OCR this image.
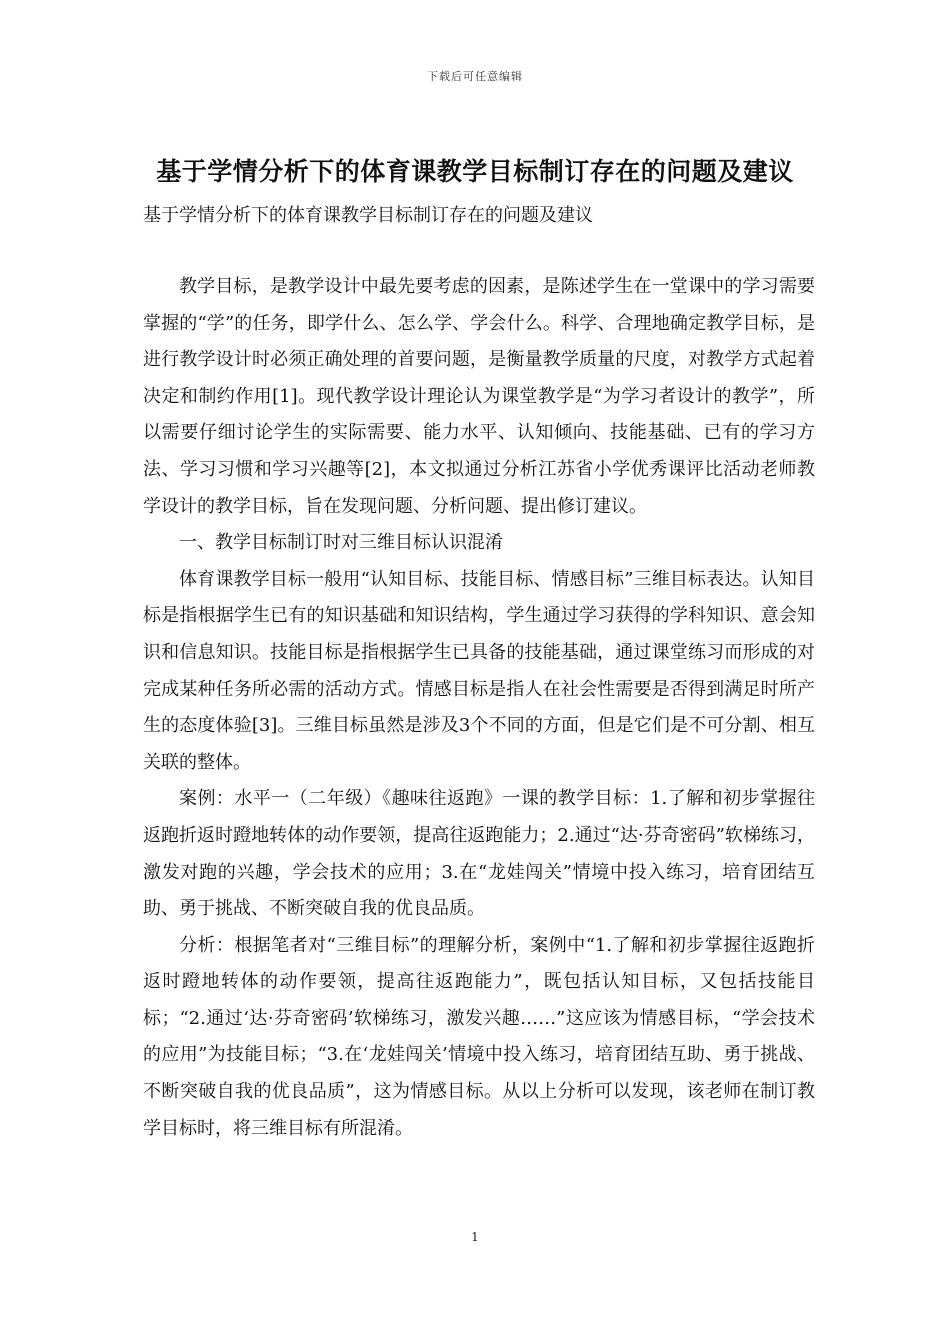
下载后可任意编辑
基于学情分析下的体育课教学目标制订存在的问题及建议
基于学情分析下的体育课教学目标制订存在的问题及建议

教学目标，是教学设计中最先要考虑的因素，是陈述学生在一堂课中的学习需要掌握的“学”的任务，即学什么、怎么学、学会什么。科学、合理地确定教学目标，是进行教学设计时必须正确处理的首要问题，是衡量教学质量的尺度，对教学方式起着决定和制约作用[1]。现代教学设计理论认为课堂教学是“为学习者设计的教学”，所以需要仔细讨论学生的实际需要、能力水平、认知倾向、技能基础、已有的学习方法、学习习惯和学习兴趣等[2]，本文拟通过分析江苏省小学优秀课评比活动老师教学设计的教学目标，旨在发现问题、分析问题、提出修订建议。

一、教学目标制订时对三维目标认识混淆

体育课教学目标一般用“认知目标、技能目标、情感目标”三维目标表达。认知目标是指根据学生已有的知识基础和知识结构，学生通过学习获得的学科知识、意会知识和信息知识。技能目标是指根据学生已具备的技能基础，通过课堂练习而形成的对完成某种任务所必需的活动方式。情感目标是指人在社会性需要是否得到满足时所产生的态度体验[3]。三维目标虽然是涉及3个不同的方面，但是它们是不可分割、相互关联的整体。

案例：水平一（二年级）《趣味往返跑》一课的教学目标：1.了解和初步掌握往返跑折返时蹬地转体的动作要领，提高往返跑能力；2.通过“达·芬奇密码”软梯练习，激发对跑的兴趣，学会技术的应用；3.在“龙娃闯关”情境中投入练习，培育团结互助、勇于挑战、不断突破自我的优良品质。

分析：根据笔者对“三维目标”的理解分析，案例中“1.了解和初步掌握往返跑折返时蹬地转体的动作要领，提高往返跑能力”，既包括认知目标，又包括技能目标；“2.通过‘达·芬奇密码’软梯练习，激发兴趣……”这应该为情感目标，“学会技术的应用”为技能目标；“3.在‘龙娃闯关’情境中投入练习，培育团结互助、勇于挑战、不断突破自我的优良品质”，这为情感目标。从以上分析可以发现，该老师在制订教学目标时，将三维目标有所混淆。

1
